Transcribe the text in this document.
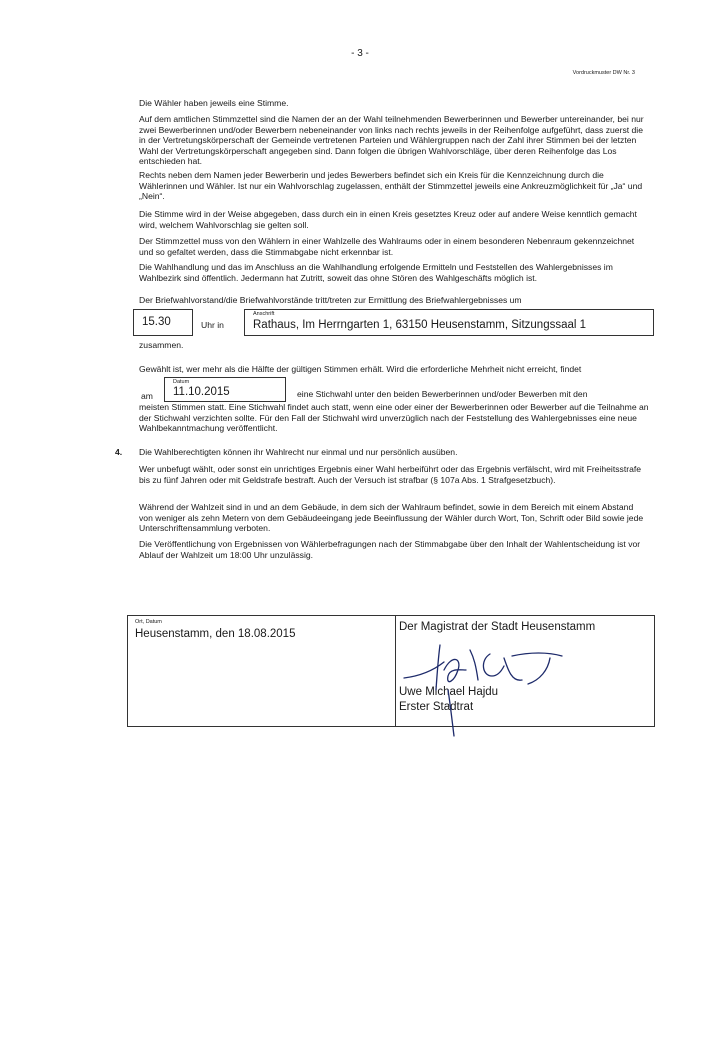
- 3 -
Vordruckmuster DW Nr. 3

Die Wähler haben jeweils eine Stimme.

Auf dem amtlichen Stimmzettel sind die Namen der an der Wahl teilnehmenden Bewerberinnen und Bewerber untereinander, bei nur zwei Bewerberinnen und/oder Bewerbern nebeneinander von links nach rechts jeweils in der Reihenfolge aufgeführt, dass zuerst die in der Vertretungskörperschaft der Gemeinde vertretenen Parteien und Wählergruppen nach der Zahl ihrer Stimmen bei der letzten Wahl der Vertretungskörperschaft angegeben sind. Dann folgen die übrigen Wahlvorschläge, über deren Reihenfolge das Los entschieden hat.

Rechts neben dem Namen jeder Bewerberin und jedes Bewerbers befindet sich ein Kreis für die Kennzeichnung durch die Wählerinnen und Wähler. Ist nur ein Wahlvorschlag zugelassen, enthält der Stimmzettel jeweils eine Ankreuzmöglichkeit für „Ja“ und „Nein“.

Die Stimme wird in der Weise abgegeben, dass durch ein in einen Kreis gesetztes Kreuz oder auf andere Weise kenntlich gemacht wird, welchem Wahlvorschlag sie gelten soll.

Der Stimmzettel muss von den Wählern in einer Wahlzelle des Wahlraums oder in einem besonderen Nebenraum gekennzeichnet und so gefaltet werden, dass die Stimmabgabe nicht erkennbar ist.

Die Wahlhandlung und das im Anschluss an die Wahlhandlung erfolgende Ermitteln und Feststellen des Wahlergebnisses im Wahlbezirk sind öffentlich. Jedermann hat Zutritt, soweit das ohne Stören des Wahlgeschäfts möglich ist.

Der Briefwahlvorstand/die Briefwahlvorstände tritt/treten zur Ermittlung des Briefwahlergebnisses um

15.30	Uhr in
Anschrift
Rathaus, Im Herrngarten 1, 63150 Heusenstamm, Sitzungssaal 1
zusammen.

Gewählt ist, wer mehr als die Hälfte der gültigen Stimmen erhält. Wird die erforderliche Mehrheit nicht erreicht, findet

am
Datum
11.10.2015	eine Stichwahl unter den beiden Bewerberinnen und/oder Bewerben mit den

meisten Stimmen statt. Eine Stichwahl findet auch statt, wenn eine oder einer der Bewerberinnen oder Bewerber auf die Teilnahme an der Stichwahl verzichten sollte. Für den Fall der Stichwahl wird unverzüglich nach der Feststellung des Wahlergebnisses eine neue Wahlbekanntmachung veröffentlicht.

4. Die Wahlberechtigten können ihr Wahlrecht nur einmal und nur persönlich ausüben.

Wer unbefugt wählt, oder sonst ein unrichtiges Ergebnis einer Wahl herbeiführt oder das Ergebnis verfälscht, wird mit Freiheitsstrafe bis zu fünf Jahren oder mit Geldstrafe bestraft. Auch der Versuch ist strafbar (§ 107a Abs. 1 Strafgesetzbuch).

Während der Wahlzeit sind in und an dem Gebäude, in dem sich der Wahlraum befindet, sowie in dem Bereich mit einem Abstand von weniger als zehn Metern von dem Gebäudeeingang jede Beeinflussung der Wähler durch Wort, Ton, Schrift oder Bild sowie jede Unterschriftensammlung verboten.

Die Veröffentlichung von Ergebnissen von Wählerbefragungen nach der Stimmabgabe über den Inhalt der Wahlentscheidung ist vor Ablauf der Wahlzeit um 18:00 Uhr unzulässig.

Ort, Datum
Heusenstamm, den 18.08.2015
Der Magistrat der Stadt Heusenstamm
Uwe Michael Hajdu
Erster Stadtrat
